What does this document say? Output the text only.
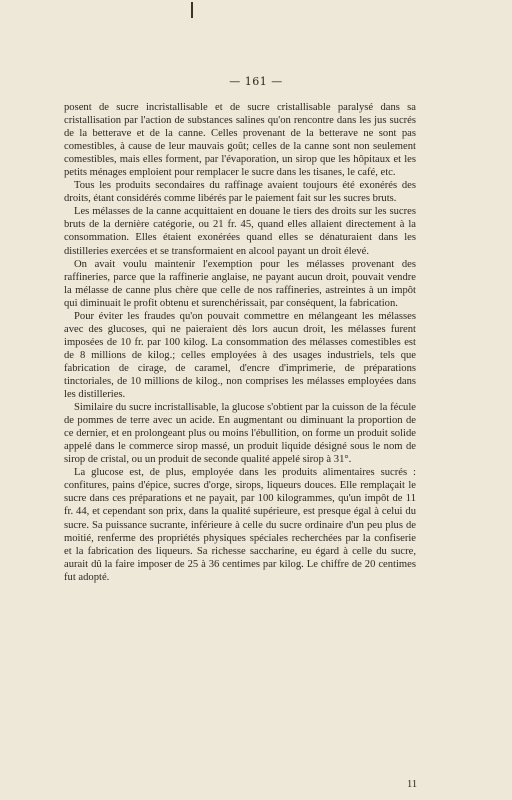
— 161 —

posent de sucre incristallisable et de sucre cristallisable paralysé dans sa cristallisation par l'action de substances salines qu'on rencontre dans les jus sucrés de la betterave et de la canne. Celles provenant de la betterave ne sont pas comestibles, à cause de leur mauvais goût; celles de la canne sont non seulement comestibles, mais elles forment, par l'évaporation, un sirop que les hôpitaux et les petits ménages emploient pour remplacer le sucre dans les tisanes, le café, etc.

Tous les produits secondaires du raffinage avaient toujours été exonérés des droits, étant considérés comme libérés par le paiement fait sur les sucres bruts.

Les mélasses de la canne acquittaient en douane le tiers des droits sur les sucres bruts de la dernière catégorie, ou 21 fr. 45, quand elles allaient directement à la consommation. Elles étaient exonérées quand elles se dénaturaient dans les distilleries exercées et se transformaient en alcool payant un droit élevé.

On avait voulu maintenir l'exemption pour les mélasses provenant des raffineries, parce que la raffinerie anglaise, ne payant aucun droit, pouvait vendre la mélasse de canne plus chère que celle de nos raffineries, astreintes à un impôt qui diminuait le profit obtenu et surenchérissait, par conséquent, la fabrication.

Pour éviter les fraudes qu'on pouvait commettre en mélangeant les mélasses avec des glucoses, qui ne paieraient dès lors aucun droit, les mélasses furent imposées de 10 fr. par 100 kilog. La consommation des mélasses comestibles est de 8 millions de kilog.; celles employées à des usages industriels, tels que fabrication de cirage, de caramel, d'encre d'imprimerie, de préparations tinctoriales, de 10 millions de kilog., non comprises les mélasses employées dans les distilleries.

Similaire du sucre incristallisable, la glucose s'obtient par la cuisson de la fécule de pommes de terre avec un acide. En augmentant ou diminuant la proportion de ce dernier, et en prolongeant plus ou moins l'ébullition, on forme un produit solide appelé dans le commerce sirop massé, un produit liquide désigné sous le nom de sirop de cristal, ou un produit de seconde qualité appelé sirop à 31°.

La glucose est, de plus, employée dans les produits alimentaires sucrés : confitures, pains d'épice, sucres d'orge, sirops, liqueurs douces. Elle remplaçait le sucre dans ces préparations et ne payait, par 100 kilogrammes, qu'un impôt de 11 fr. 44, et cependant son prix, dans la qualité supérieure, est presque égal à celui du sucre. Sa puissance sucrante, inférieure à celle du sucre ordinaire d'un peu plus de moitié, renferme des propriétés physiques spéciales recherchées par la confiserie et la fabrication des liqueurs. Sa richesse saccharine, eu égard à celle du sucre, aurait dû la faire imposer de 25 à 36 centimes par kilog. Le chiffre de 20 centimes fut adopté.

11
